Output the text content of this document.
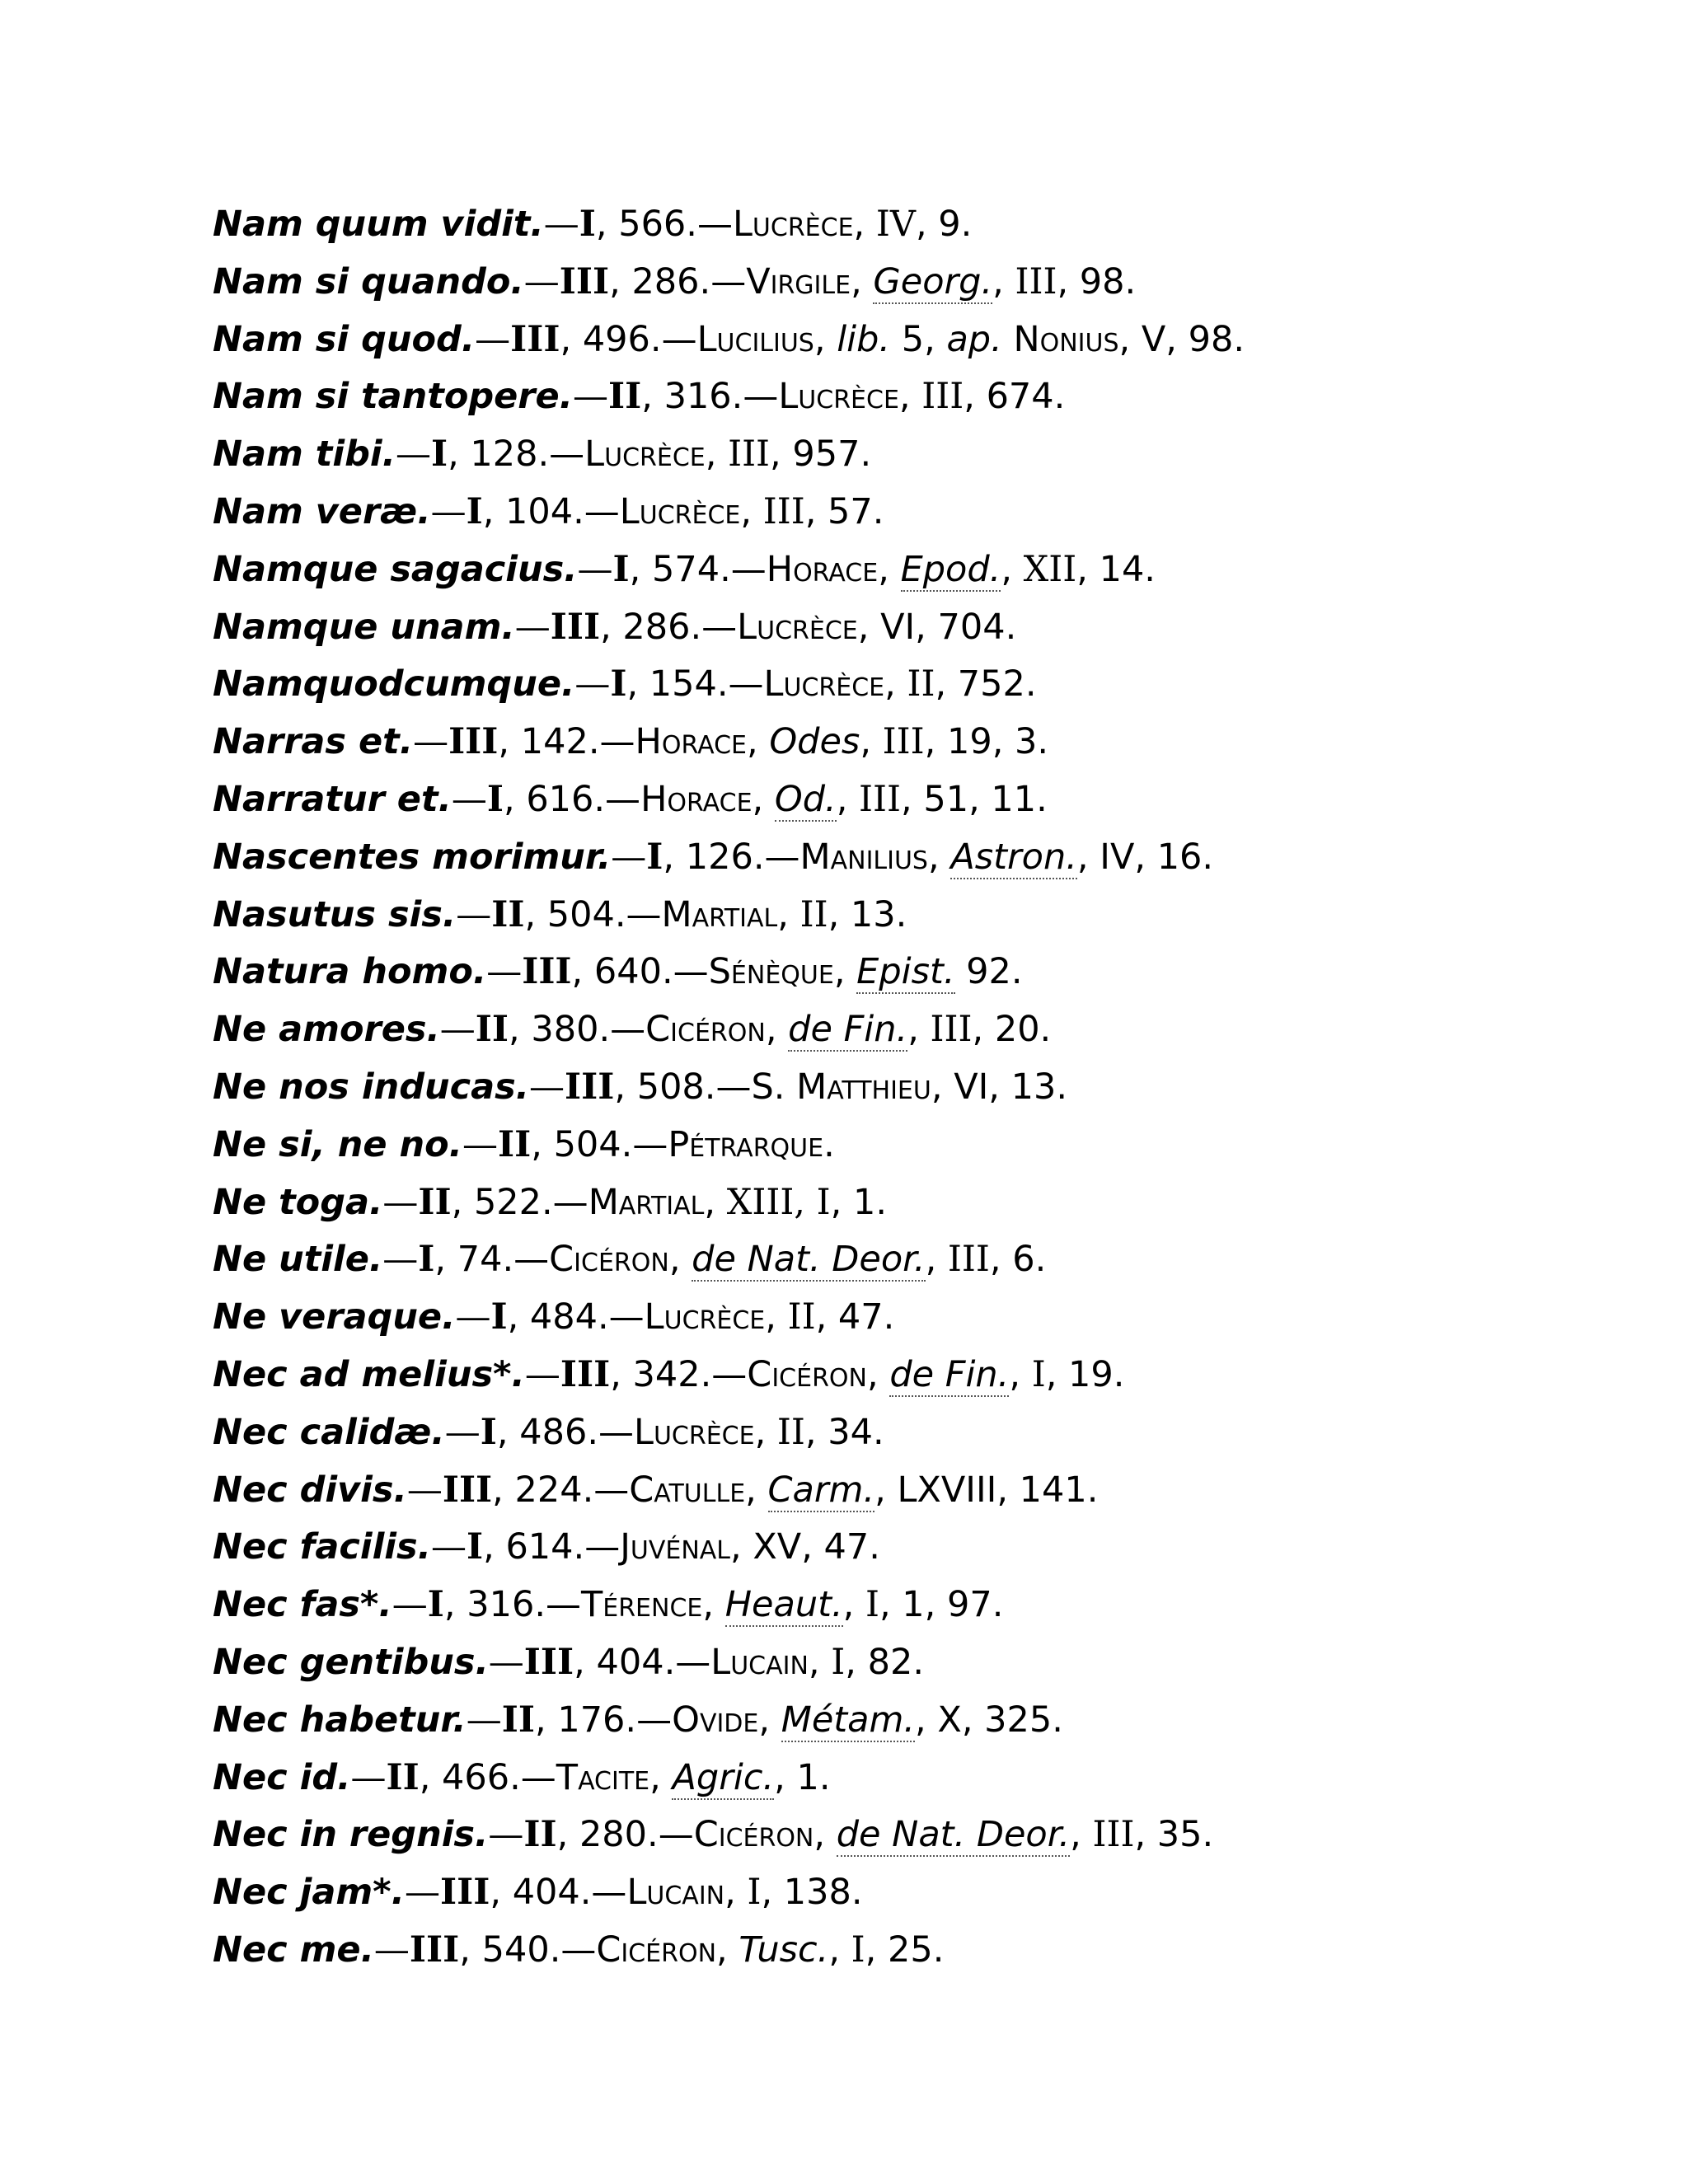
Nam quum vidit.—I, 566.—Lucrèce, IV, 9.
Nam si quando.—III, 286.—Virgile, Georg., III, 98.
Nam si quod.—III, 496.—Lucilius, lib. 5, ap. Nonius, V, 98.
Nam si tantopere.—II, 316.—Lucrèce, III, 674.
Nam tibi.—I, 128.—Lucrèce, III, 957.
Nam veræ.—I, 104.—Lucrèce, III, 57.
Namque sagacius.—I, 574.—Horace, Epod., XII, 14.
Namque unam.—III, 286.—Lucrèce, VI, 704.
Namquodcumque.—I, 154.—Lucrèce, II, 752.
Narras et.—III, 142.—Horace, Odes, III, 19, 3.
Narratur et.—I, 616.—Horace, Od., III, 51, 11.
Nascentes morimur.—I, 126.—Manilius, Astron., IV, 16.
Nasutus sis.—II, 504.—Martial, II, 13.
Natura homo.—III, 640.—Sénèque, Epist. 92.
Ne amores.—II, 380.—Cicéron, de Fin., III, 20.
Ne nos inducas.—III, 508.—S. Matthieu, VI, 13.
Ne si, ne no.—II, 504.—Pétrarque.
Ne toga.—II, 522.—Martial, XIII, I, 1.
Ne utile.—I, 74.—Cicéron, de Nat. Deor., III, 6.
Ne veraque.—I, 484.—Lucrèce, II, 47.
Nec ad melius*.—III, 342.—Cicéron, de Fin., I, 19.
Nec calidæ.—I, 486.—Lucrèce, II, 34.
Nec divis.—III, 224.—Catulle, Carm., LXVIII, 141.
Nec facilis.—I, 614.—Juvénal, XV, 47.
Nec fas*.—I, 316.—Térence, Heaut., I, 1, 97.
Nec gentibus.—III, 404.—Lucain, I, 82.
Nec habetur.—II, 176.—Ovide, Métam., X, 325.
Nec id.—II, 466.—Tacite, Agric., 1.
Nec in regnis.—II, 280.—Cicéron, de Nat. Deor., III, 35.
Nec jam*.—III, 404.—Lucain, I, 138.
Nec me.—III, 540.—Cicéron, Tusc., I, 25.
